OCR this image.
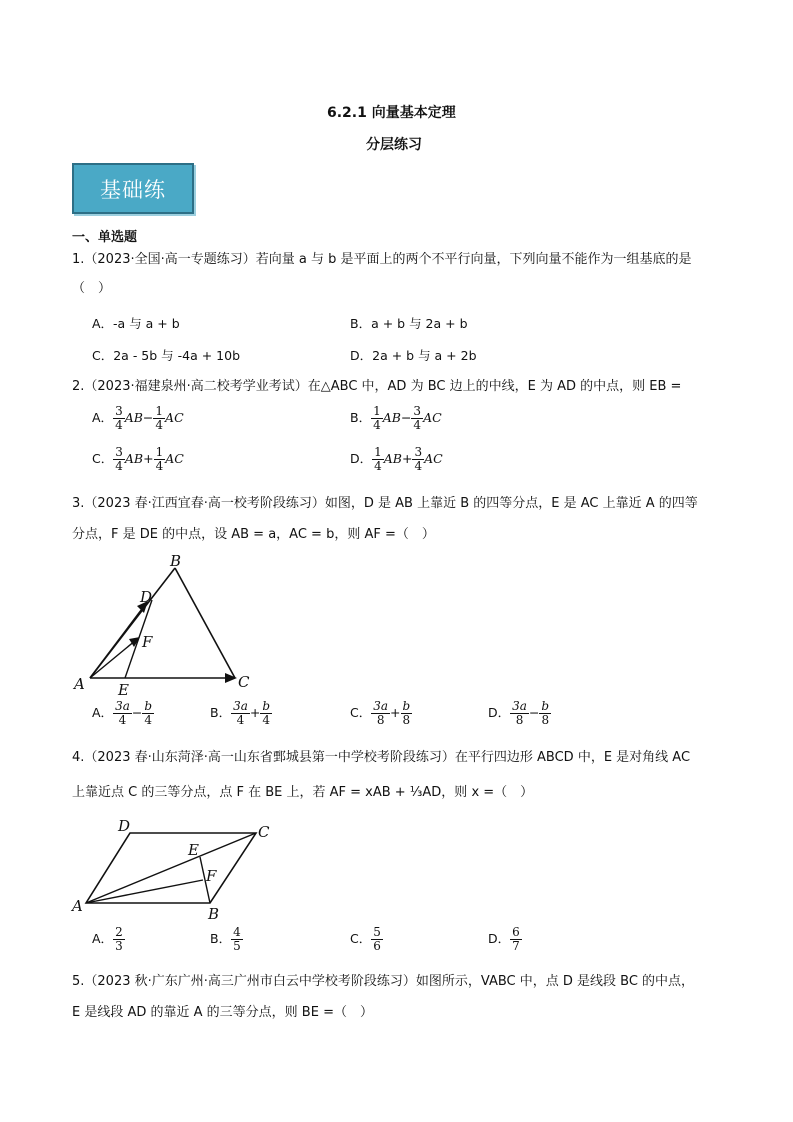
6.2.1 向量基本定理
分层练习
基础练
一、单选题
1.（2023·全国·高一专题练习）若向量 a 与 b 是平面上的两个不平行向量，下列向量不能作为一组基底的是
（　）
A．-a 与 a + b	B．a + b 与 2a + b
C．2a - 5b 与 -4a + 10b	D．2a + b 与 a + 2b
2.（2023·福建泉州·高二校考学业考试）在△ABC 中，AD 为 BC 边上的中线，E 为 AD 的中点，则 EB =
A． $\frac{3}{4} AB- \frac{1}{4}$ AC	B． $\frac{1}{4} AB- \frac{3}{4}$ AC
C． $\frac{3}{4} AB+ \frac{1}{4}$ AC	D． $\frac{1}{4} AB+ \frac{3}{4}$ AC
3.（2023 春·江西宜春·高一校考阶段练习）如图，D 是 AB 上靠近 B 的四等分点，E 是 AC 上靠近 A 的四等
分点，F 是 DE 的中点，设 AB = a，AC = b，则 AF =（　）
B
D
F
A E	C
A． $\frac{3a}{4} - \frac{b}{4}$	B． $\frac{3a}{4} + \frac{b}{4}$	C． $\frac{3a}{8} + \frac{b}{8}$	D． $\frac{3a}{8} - \frac{b}{8}$
4.（2023 春·山东菏泽·高一山东省鄄城县第一中学校考阶段练习）在平行四边形 ABCD 中，E 是对角线 AC
上靠近点 C 的三等分点，点 F 在 BE 上，若 AF = xAB + ⅓AD，则 x =（　）
D	C
E
F
A	B
A． $\frac{2}{3}$	B． $\frac{4}{5}$	C． $\frac{5}{6}$	D． $\frac{6}{7}$
5.（2023 秋·广东广州·高三广州市白云中学校考阶段练习）如图所示，VABC 中，点 D 是线段 BC 的中点，
E 是线段 AD 的靠近 A 的三等分点，则 BE =（　）
